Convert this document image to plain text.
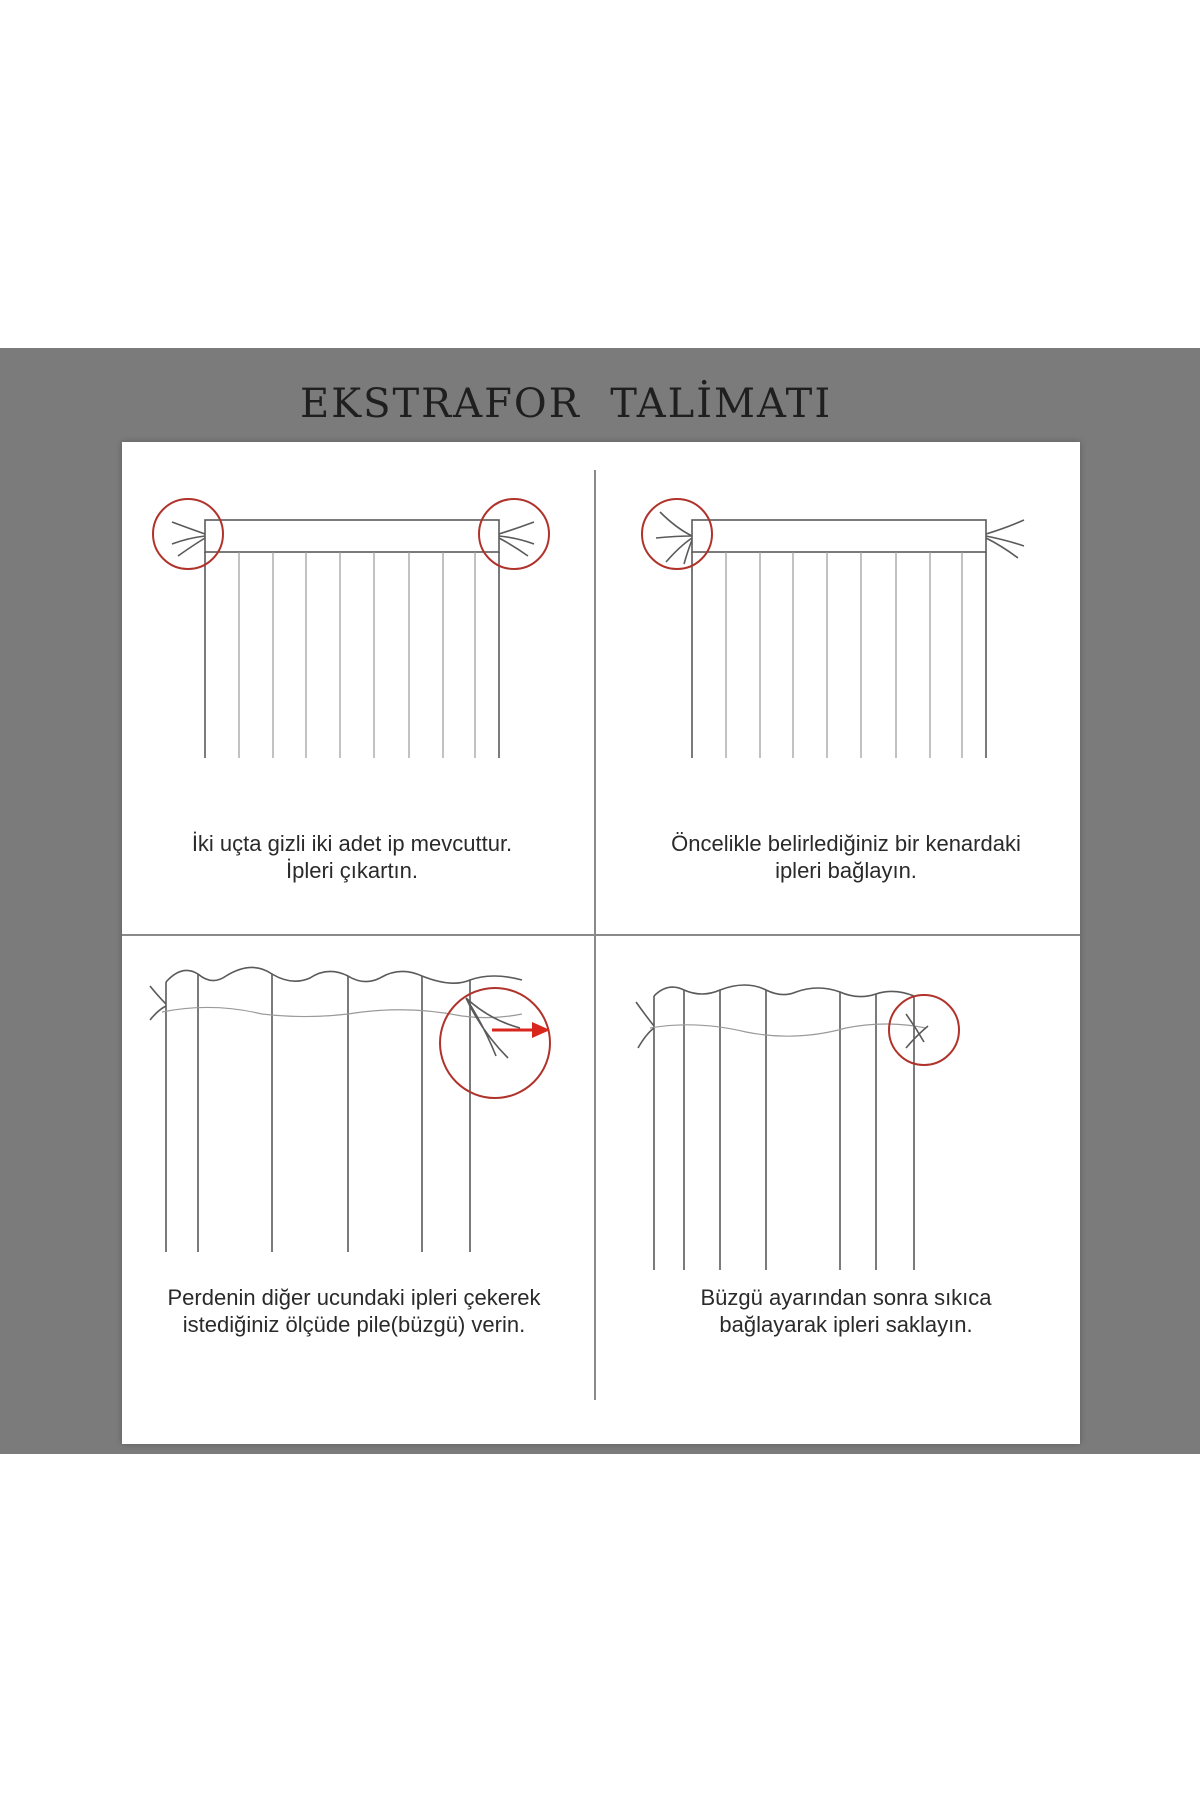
EKSTRAFOR  TALİMATI
İki uçta gizli iki adet ip mevcuttur.
İpleri çıkartın.
Öncelikle belirlediğiniz bir kenardaki
ipleri bağlayın.
Perdenin diğer ucundaki ipleri çekerek
istediğiniz ölçüde pile(büzgü) verin.
Büzgü ayarından sonra sıkıca
bağlayarak ipleri saklayın.
